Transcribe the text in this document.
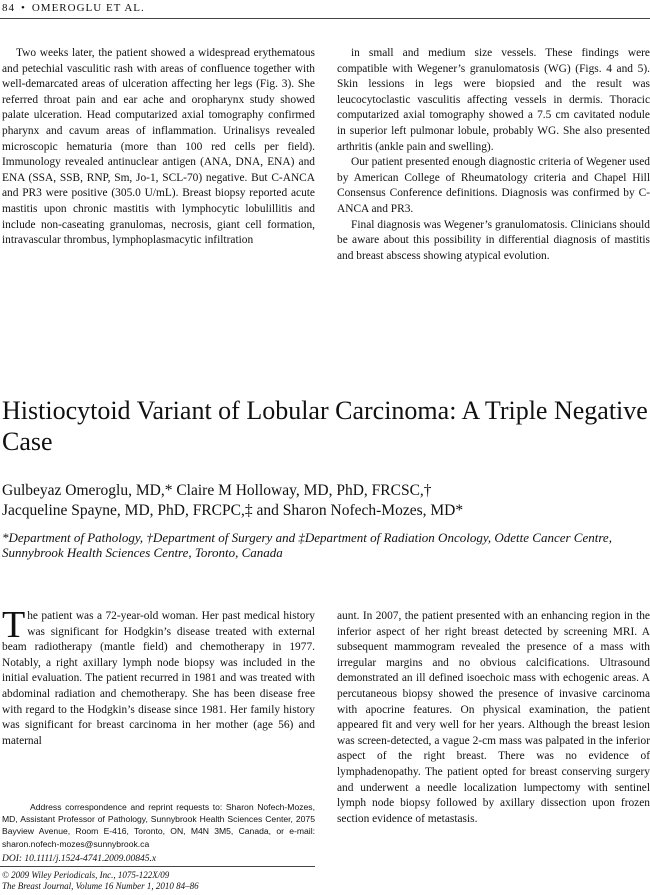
84 • OMEROGLU ET AL.

Two weeks later, the patient showed a widespread erythematous and petechial vasculitic rash with areas of confluence together with well-demarcated areas of ulceration affecting her legs (Fig. 3). She referred throat pain and ear ache and oropharynx study showed palate ulceration. Head computarized axial tomography confirmed pharynx and cavum areas of inflammation. Urinalisys revealed microscopic hematuria (more than 100 red cells per field). Immunology revealed antinuclear antigen (ANA, DNA, ENA) and ENA (SSA, SSB, RNP, Sm, Jo-1, SCL-70) negative. But C-ANCA and PR3 were positive (305.0 U/mL). Breast biopsy reported acute mastitis upon chronic mastitis with lymphocytic lobulillitis and include non-caseating granulomas, necrosis, giant cell formation, intravascular thrombus, lymphoplasmacytic infiltration

in small and medium size vessels. These findings were compatible with Wegener’s granulomatosis (WG) (Figs. 4 and 5). Skin lessions in legs were biopsied and the result was leucocytoclastic vasculitis affecting vessels in dermis. Thoracic computarized axial tomography showed a 7.5 cm cavitated nodule in superior left pulmonar lobule, probably WG. She also presented arthritis (ankle pain and swelling).

Our patient presented enough diagnostic criteria of Wegener used by American College of Rheumatology criteria and Chapel Hill Consensus Conference definitions. Diagnosis was confirmed by C-ANCA and PR3.

Final diagnosis was Wegener’s granulomatosis. Clinicians should be aware about this possibility in differential diagnosis of mastitis and breast abscess showing atypical evolution.

Histiocytoid Variant of Lobular Carcinoma: A Triple Negative Case
Gulbeyaz Omeroglu, MD,* Claire M Holloway, MD, PhD, FRCSC,†
Jacqueline Spayne, MD, PhD, FRCPC,‡ and Sharon Nofech-Mozes, MD*
*Department of Pathology, †Department of Surgery and ‡Department of Radiation Oncology, Odette Cancer Centre, Sunnybrook Health Sciences Centre, Toronto, Canada

The patient was a 72-year-old woman. Her past medical history was significant for Hodgkin’s disease treated with external beam radiotherapy (mantle field) and chemotherapy in 1977. Notably, a right axillary lymph node biopsy was included in the initial evaluation. The patient recurred in 1981 and was treated with abdominal radiation and chemotherapy. She has been disease free with regard to the Hodgkin’s disease since 1981. Her family history was significant for breast carcinoma in her mother (age 56) and maternal

aunt. In 2007, the patient presented with an enhancing region in the inferior aspect of her right breast detected by screening MRI. A subsequent mammogram revealed the presence of a mass with irregular margins and no obvious calcifications. Ultrasound demonstrated an ill defined isoechoic mass with echogenic areas. A percutaneous biopsy showed the presence of invasive carcinoma with apocrine features. On physical examination, the patient appeared fit and very well for her years. Although the breast lesion was screen-detected, a vague 2-cm mass was palpated in the inferior aspect of the right breast. There was no evidence of lymphadenopathy. The patient opted for breast conserving surgery and underwent a needle localization lumpectomy with sentinel lymph node biopsy followed by axillary dissection upon frozen section evidence of metastasis.

Address correspondence and reprint requests to: Sharon Nofech-Mozes, MD, Assistant Professor of Pathology, Sunnybrook Health Sciences Center, 2075 Bayview Avenue, Room E-416, Toronto, ON, M4N 3M5, Canada, or e-mail: sharon.nofech-mozes@sunnybrook.ca
DOI: 10.1111/j.1524-4741.2009.00845.x
© 2009 Wiley Periodicals, Inc., 1075-122X/09
The Breast Journal, Volume 16 Number 1, 2010 84–86
